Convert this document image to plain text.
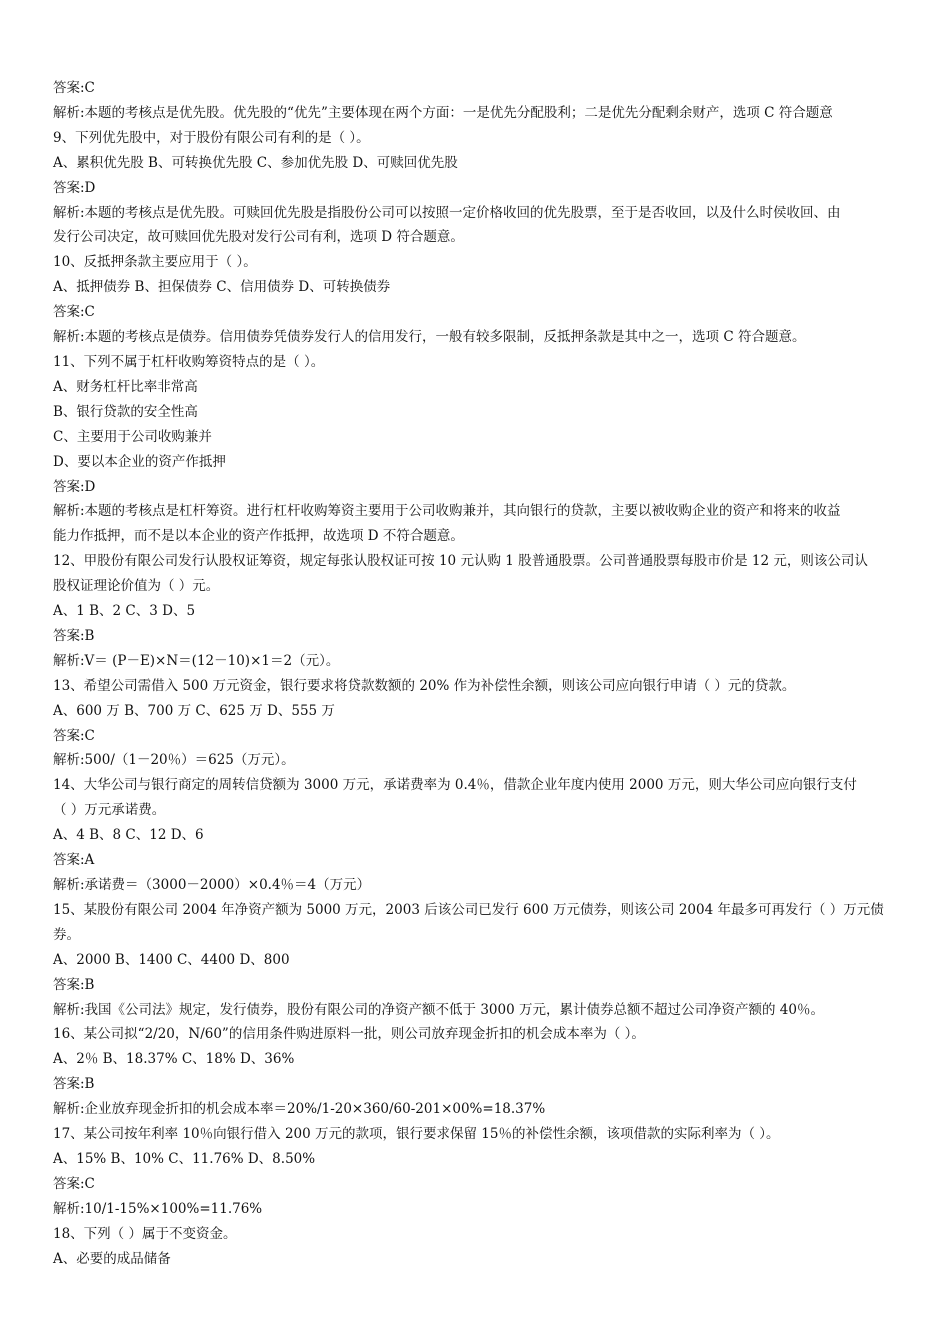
答案:C
解析:本题的考核点是优先股。优先股的“优先”主要体现在两个方面：一是优先分配股利；二是优先分配剩余财产，选项 C 符合题意
9、下列优先股中，对于股份有限公司有利的是（ ）。
A、累积优先股 B、可转换优先股 C、参加优先股 D、可赎回优先股
答案:D
解析:本题的考核点是优先股。可赎回优先股是指股份公司可以按照一定价格收回的优先股票，至于是否收回，以及什么时侯收回、由
发行公司决定，故可赎回优先股对发行公司有利，选项 D 符合题意。
10、反抵押条款主要应用于（ ）。
A、抵押债券 B、担保债券 C、信用债券 D、可转换债券
答案:C
解析:本题的考核点是债券。信用债券凭债券发行人的信用发行，一般有较多限制，反抵押条款是其中之一，选项 C 符合题意。
11、下列不属于杠杆收购筹资特点的是（ ）。
A、财务杠杆比率非常高
B、银行贷款的安全性高
C、主要用于公司收购兼并
D、要以本企业的资产作抵押
答案:D
解析:本题的考核点是杠杆筹资。进行杠杆收购筹资主要用于公司收购兼并，其向银行的贷款，主要以被收购企业的资产和将来的收益
能力作抵押，而不是以本企业的资产作抵押，故选项 D 不符合题意。
12、甲股份有限公司发行认股权证筹资，规定每张认股权证可按 10 元认购 1 股普通股票。公司普通股票每股市价是 12 元，则该公司认
股权证理论价值为（ ）元。
A、1 B、2 C、3 D、5
答案:B
解析:V＝ (P－E)×N＝(12－10)×1＝2（元）。
13、希望公司需借入 500 万元资金，银行要求将贷款数额的 20% 作为补偿性余额，则该公司应向银行申请（ ）元的贷款。
A、600 万 B、700 万 C、625 万 D、555 万
答案:C
解析:500/（1－20％）＝625（万元）。
14、大华公司与银行商定的周转信贷额为 3000 万元，承诺费率为 0.4％，借款企业年度内使用 2000 万元，则大华公司应向银行支付
（ ）万元承诺费。
A、4 B、8 C、12 D、6
答案:A
解析:承诺费＝（3000－2000）×0.4％＝4（万元）
15、某股份有限公司 2004 年净资产额为 5000 万元，2003 后该公司已发行 600 万元债券，则该公司 2004 年最多可再发行（ ）万元债
券。
A、2000 B、1400 C、4400 D、800
答案:B
解析:我国《公司法》规定，发行债券，股份有限公司的净资产额不低于 3000 万元，累计债券总额不超过公司净资产额的 40％。
16、某公司拟“2/20，N/60”的信用条件购进原料一批，则公司放弃现金折扣的机会成本率为（ ）。
A、2％ B、18.37% C、18% D、36%
答案:B
解析:企业放弃现金折扣的机会成本率＝20%/1-20×360/60-201×00%=18.37%
17、某公司按年利率 10％向银行借入 200 万元的款项，银行要求保留 15％的补偿性余额，该项借款的实际利率为（ ）。
A、15% B、10% C、11.76% D、8.50%
答案:C
解析:10/1-15%×100%=11.76%
18、下列（ ）属于不变资金。
A、必要的成品储备
